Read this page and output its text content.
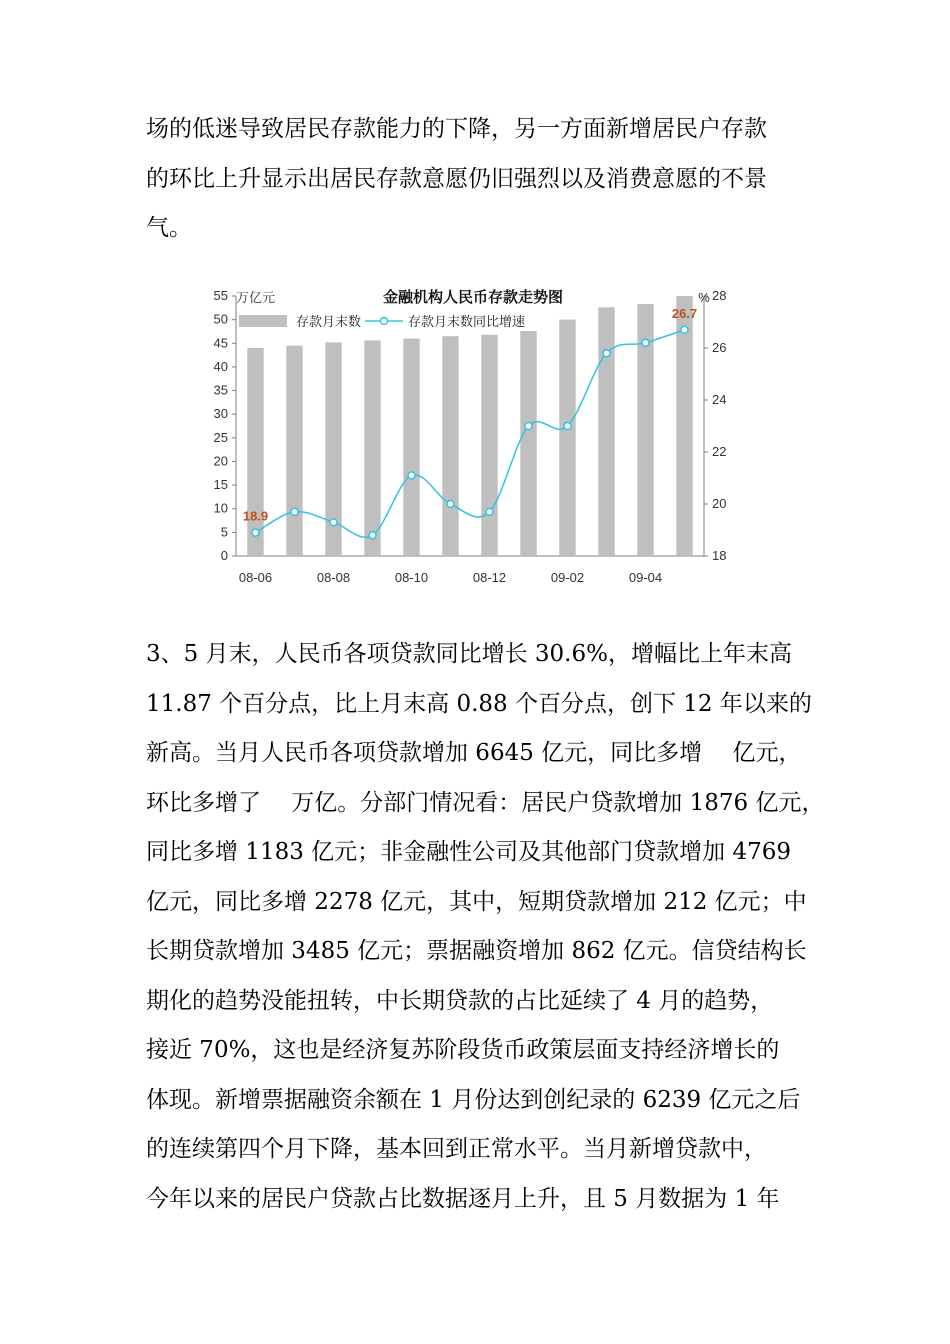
场的低迷导致居民存款能力的下降，另一方面新增居民户存款
的环比上升显示出居民存款意愿仍旧强烈以及消费意愿的不景
气。
金融机构人民币存款走势图
万亿元	%
存款月末数	存款月末数同比增速
0
5
10
15
20
25
30
35
40
45
50
55
18
20
22
24
26
28
08-06	08-08	08-10	08-12	09-02	09-04
18.9
26.7
3、5 月末，人民币各项贷款同比增长 30.6%，增幅比上年末高
11.87 个百分点，比上月末高 0.88 个百分点，创下 12 年以来的
新高。当月人民币各项贷款增加 6645 亿元，同比多增　 亿元，
环比多增了　 万亿。分部门情况看：居民户贷款增加 1876 亿元，
同比多增 1183 亿元；非金融性公司及其他部门贷款增加 4769
亿元，同比多增 2278 亿元，其中，短期贷款增加 212 亿元；中
长期贷款增加 3485 亿元；票据融资增加 862 亿元。信贷结构长
期化的趋势没能扭转，中长期贷款的占比延续了 4 月的趋势，
接近 70%，这也是经济复苏阶段货币政策层面支持经济增长的
体现。新增票据融资余额在 1 月份达到创纪录的 6239 亿元之后
的连续第四个月下降，基本回到正常水平。当月新增贷款中，
今年以来的居民户贷款占比数据逐月上升，且 5 月数据为 1 年
